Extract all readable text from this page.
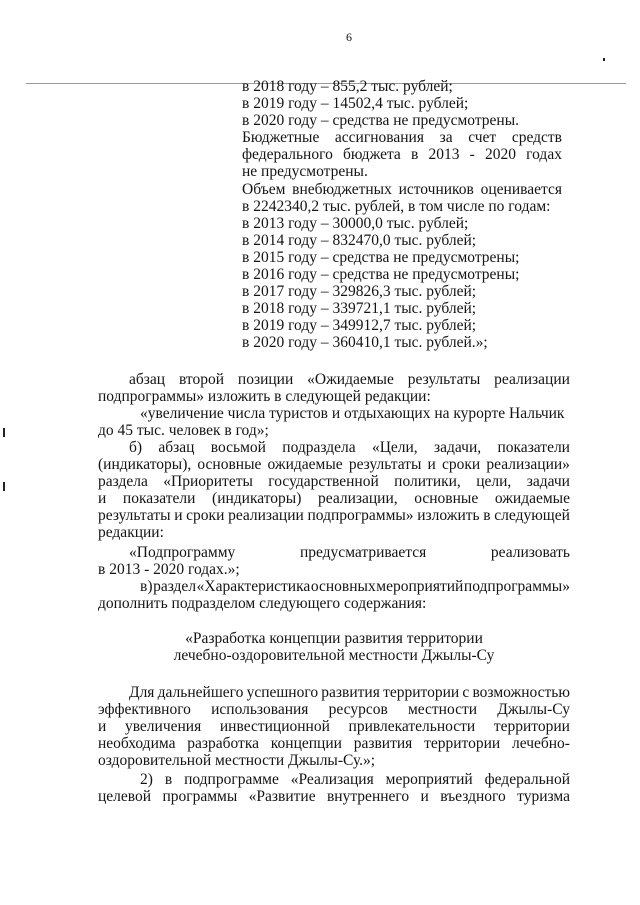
6
в 2018 году – 855,2 тыс. рублей;
в 2019 году – 14502,4 тыс. рублей;
в 2020 году – средства не предусмотрены.
Бюджетные ассигнования за счет средств
федерального бюджета в 2013 - 2020 годах
не предусмотрены.
Объем внебюджетных источников оценивается
в 2242340,2 тыс. рублей, в том числе по годам:
в 2013 году – 30000,0 тыс. рублей;
в 2014 году – 832470,0 тыс. рублей;
в 2015 году – средства не предусмотрены;
в 2016 году – средства не предусмотрены;
в 2017 году – 329826,3 тыс. рублей;
в 2018 году – 339721,1 тыс. рублей;
в 2019 году – 349912,7 тыс. рублей;
в 2020 году – 360410,1 тыс. рублей.»;
абзац второй позиции «Ожидаемые результаты реализации
подпрограммы» изложить в следующей редакции:
«увеличение числа туристов и отдыхающих на курорте Нальчик
до 45 тыс. человек в год»;
б) абзац восьмой подраздела «Цели, задачи, показатели
(индикаторы), основные ожидаемые результаты и сроки реализации»
раздела «Приоритеты государственной политики, цели, задачи
и показатели (индикаторы) реализации, основные ожидаемые
результаты и сроки реализации подпрограммы» изложить в следующей
редакции:
«Подпрограмму	предусматривается	реализовать
в 2013 - 2020 годах.»;
в) раздел «Характеристика основных мероприятий подпрограммы»
дополнить подразделом следующего содержания:
«Разработка концепции развития территории
лечебно-оздоровительной местности Джылы-Су
Для дальнейшего успешного развития территории с возможностью
эффективного использования ресурсов местности Джылы-Су
и увеличения инвестиционной привлекательности территории
необходима разработка концепции развития территории лечебно-
оздоровительной местности Джылы-Су.»;
2) в подпрограмме «Реализация мероприятий федеральной
целевой программы «Развитие внутреннего и въездного туризма
